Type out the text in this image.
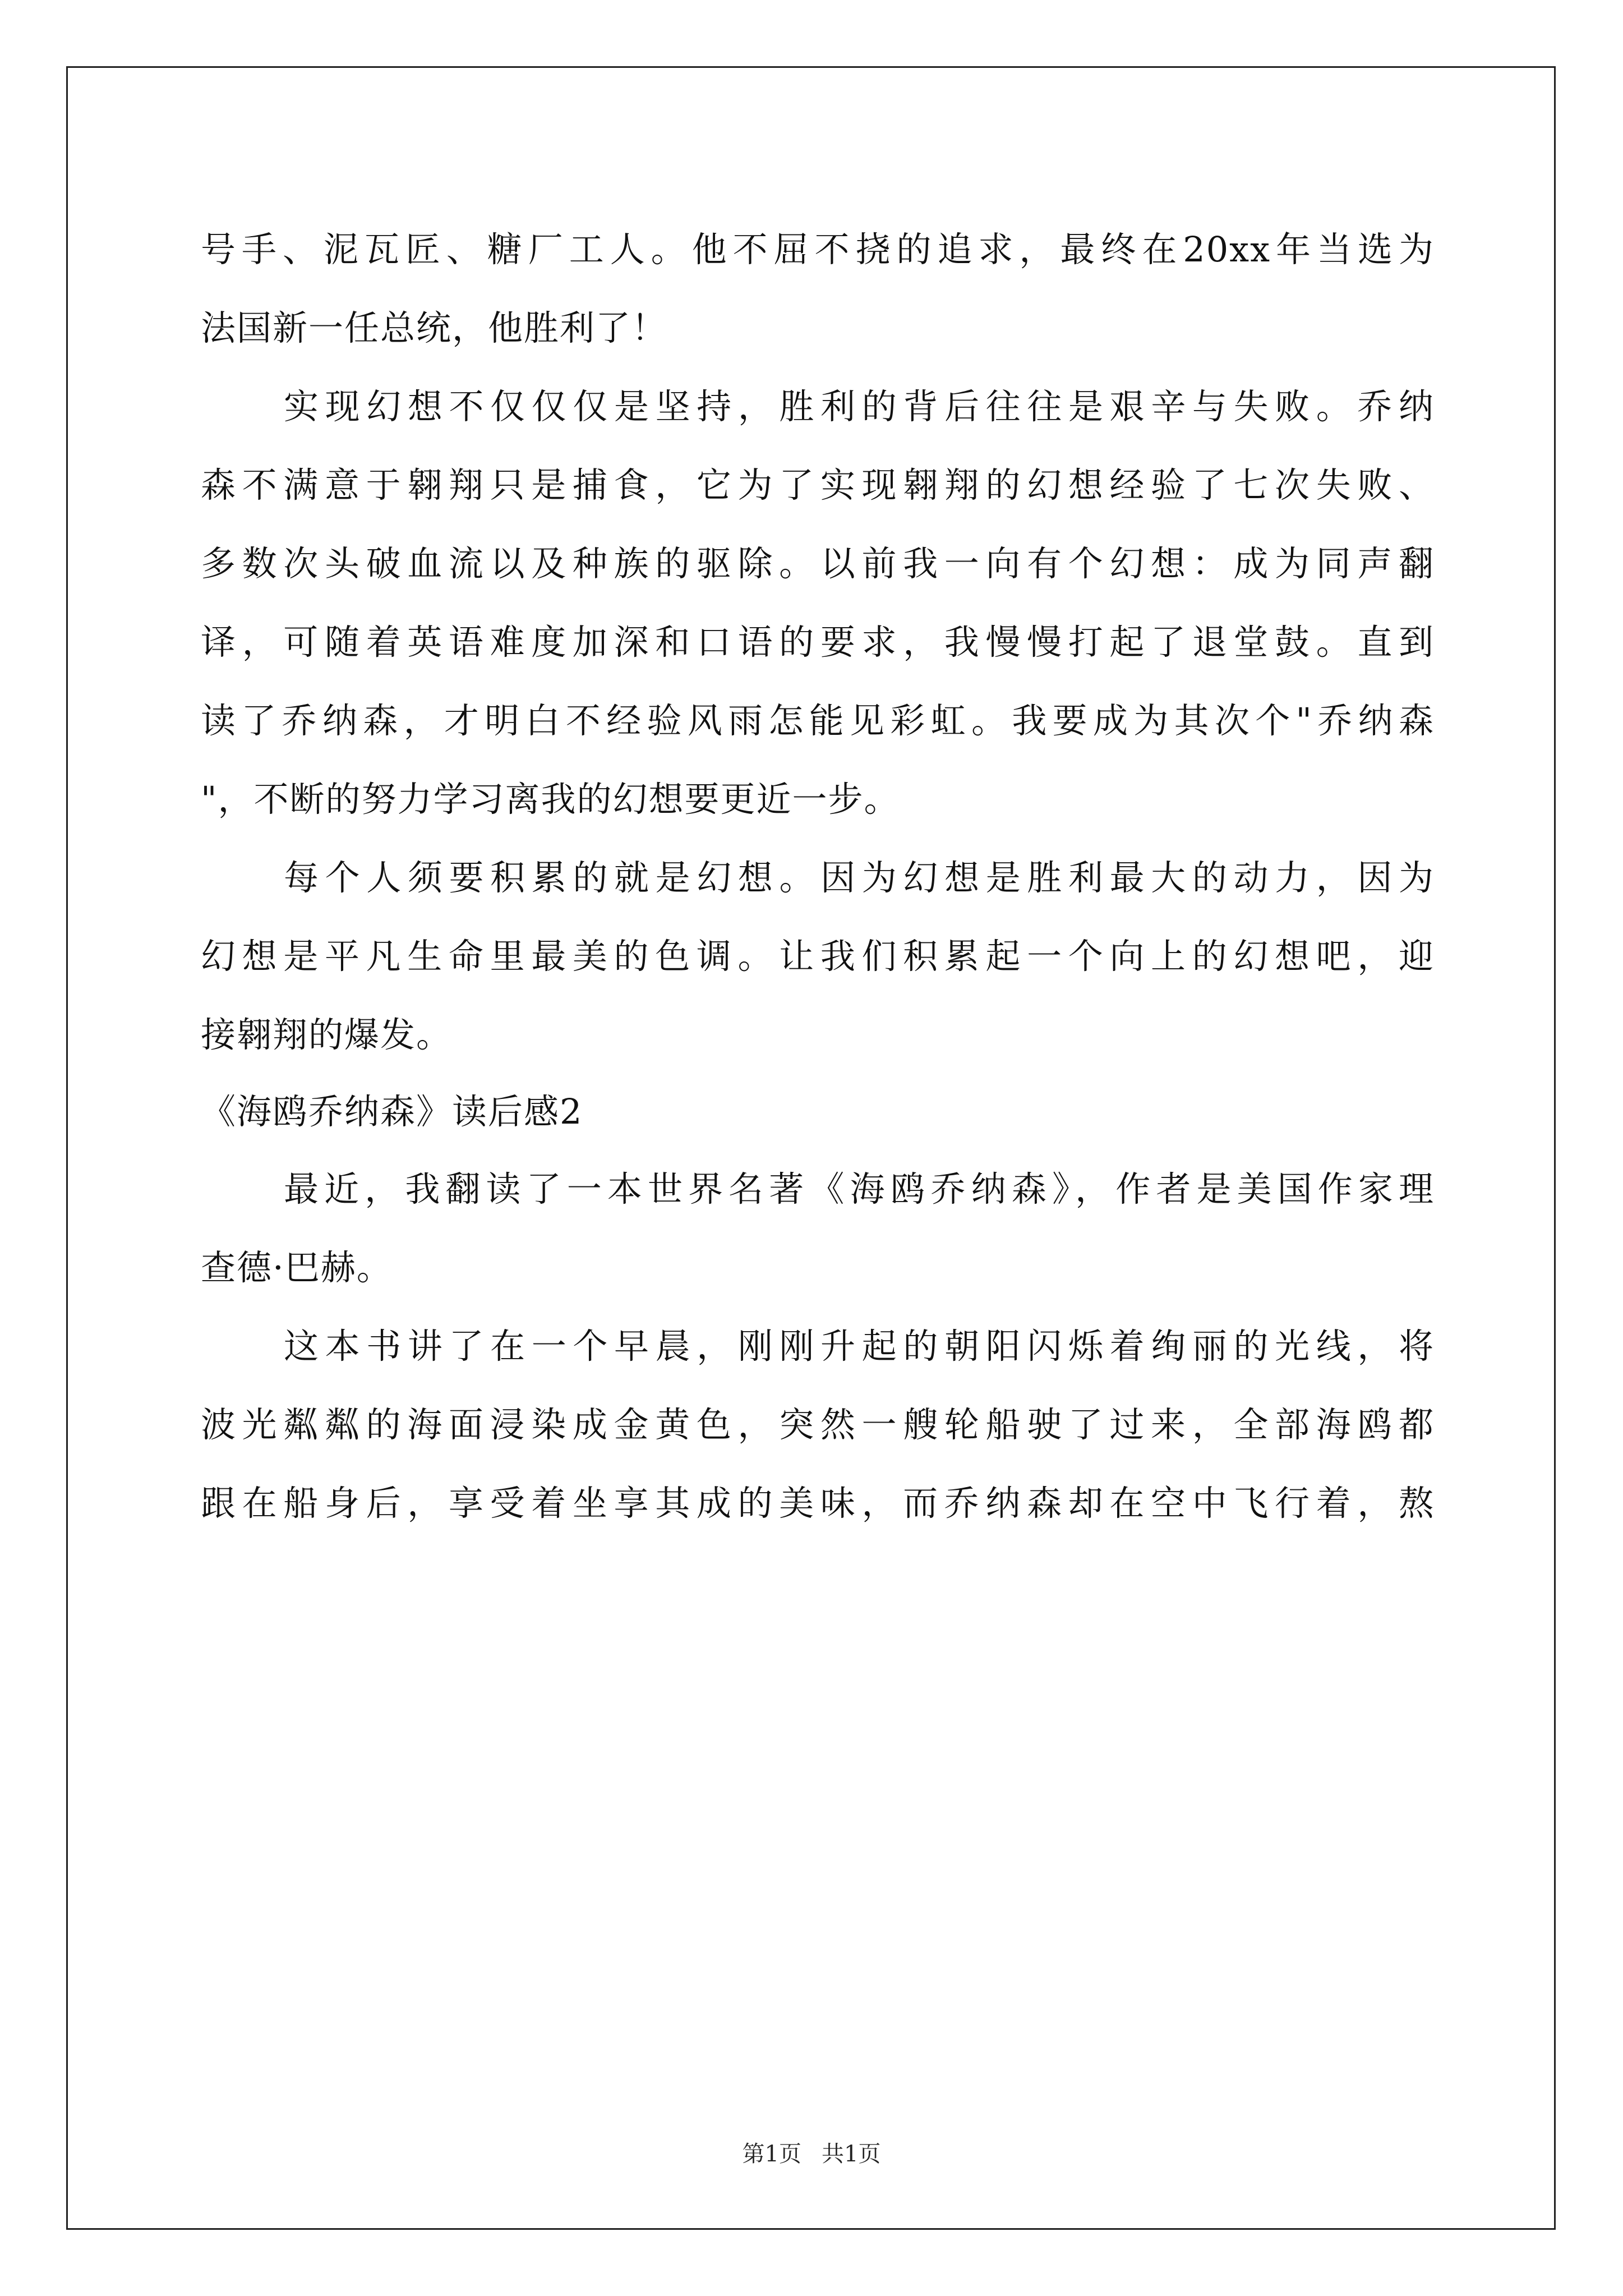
号手、泥瓦匠、糖厂工人。他不屈不挠的追求，最终在20xx年当选为
法国新一任总统，他胜利了！
实现幻想不仅仅仅是坚持，胜利的背后往往是艰辛与失败。乔纳
森不满意于翱翔只是捕食，它为了实现翱翔的幻想经验了七次失败、
多数次头破血流以及种族的驱除。以前我一向有个幻想：成为同声翻
译，可随着英语难度加深和口语的要求，我慢慢打起了退堂鼓。直到
读了乔纳森，才明白不经验风雨怎能见彩虹。我要成为其次个"乔纳森
"，不断的努力学习离我的幻想要更近一步。
每个人须要积累的就是幻想。因为幻想是胜利最大的动力，因为
幻想是平凡生命里最美的色调。让我们积累起一个向上的幻想吧，迎
接翱翔的爆发。
《海鸥乔纳森》读后感2
最近，我翻读了一本世界名著《海鸥乔纳森》，作者是美国作家理
查德·巴赫。
这本书讲了在一个早晨，刚刚升起的朝阳闪烁着绚丽的光线，将
波光粼粼的海面浸染成金黄色，突然一艘轮船驶了过来，全部海鸥都
跟在船身后，享受着坐享其成的美味，而乔纳森却在空中飞行着，熬
第1页 共1页
